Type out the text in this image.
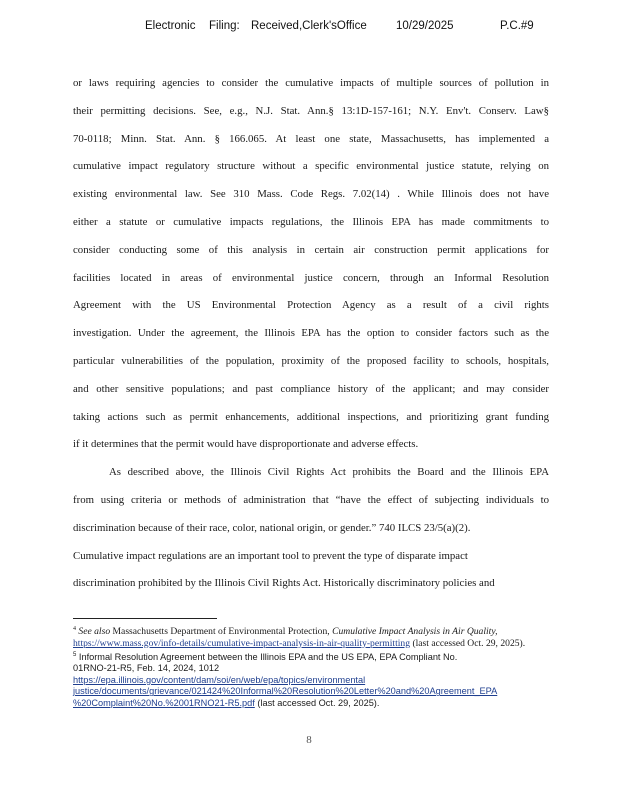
Electronic Filing: Received,Clerk'sOffice	10/29/2025	P.C.#9

or laws requiring agencies to consider the cumulative impacts of multiple sources of pollution in
their permitting decisions. See, e.g., N.J. Stat. Ann.§ 13:1D-157-161; N.Y. Env't. Conserv. Law§
70-0118; Minn. Stat. Ann. § 166.065. At least one state, Massachusetts, has implemented a
cumulative impact regulatory structure without a specific environmental justice statute, relying on
existing environmental law. See 310 Mass. Code Regs. 7.02(14) . While Illinois does not have
either a statute or cumulative impacts regulations, the Illinois EPA has made commitments to
consider conducting some of this analysis in certain air construction permit applications for
facilities located in areas of environmental justice concern, through an Informal Resolution
Agreement with the US Environmental Protection Agency as a result of a civil rights
investigation. Under the agreement, the Illinois EPA has the option to consider factors such as the
particular vulnerabilities of the population, proximity of the proposed facility to schools, hospitals,
and other sensitive populations; and past compliance history of the applicant; and may consider
taking actions such as permit enhancements, additional inspections, and prioritizing grant funding
if it determines that the permit would have disproportionate and adverse effects.

As described above, the Illinois Civil Rights Act prohibits the Board and the Illinois EPA
from using criteria or methods of administration that “have the effect of subjecting individuals to
discrimination because of their race, color, national origin, or gender.” 740 ILCS 23/5(a)(2).
Cumulative impact regulations are an important tool to prevent the type of disparate impact
discrimination prohibited by the Illinois Civil Rights Act. Historically discriminatory policies and

$^4$ See also Massachusetts Department of Environmental Protection, Cumulative Impact Analysis in Air Quality, https://www.mass.gov/info-details/cumulative-impact-analysis-in-air-quality-permitting (last accessed Oct. 29, 2025).

$^5$ Informal Resolution Agreement between the Illinois EPA and the US EPA, EPA Compliant No.
01RNO-21-R5, Feb. 14, 2024, 1012
https://epa.illinois.gov/content/dam/soi/en/web/epa/topics/environmental
justice/documents/grievance/021424%20Informal%20Resolution%20Letter%20and%20Agreement_EPA
%20Complaint%20No.%2001RNO21-R5.pdf (last accessed Oct. 29, 2025).

8
